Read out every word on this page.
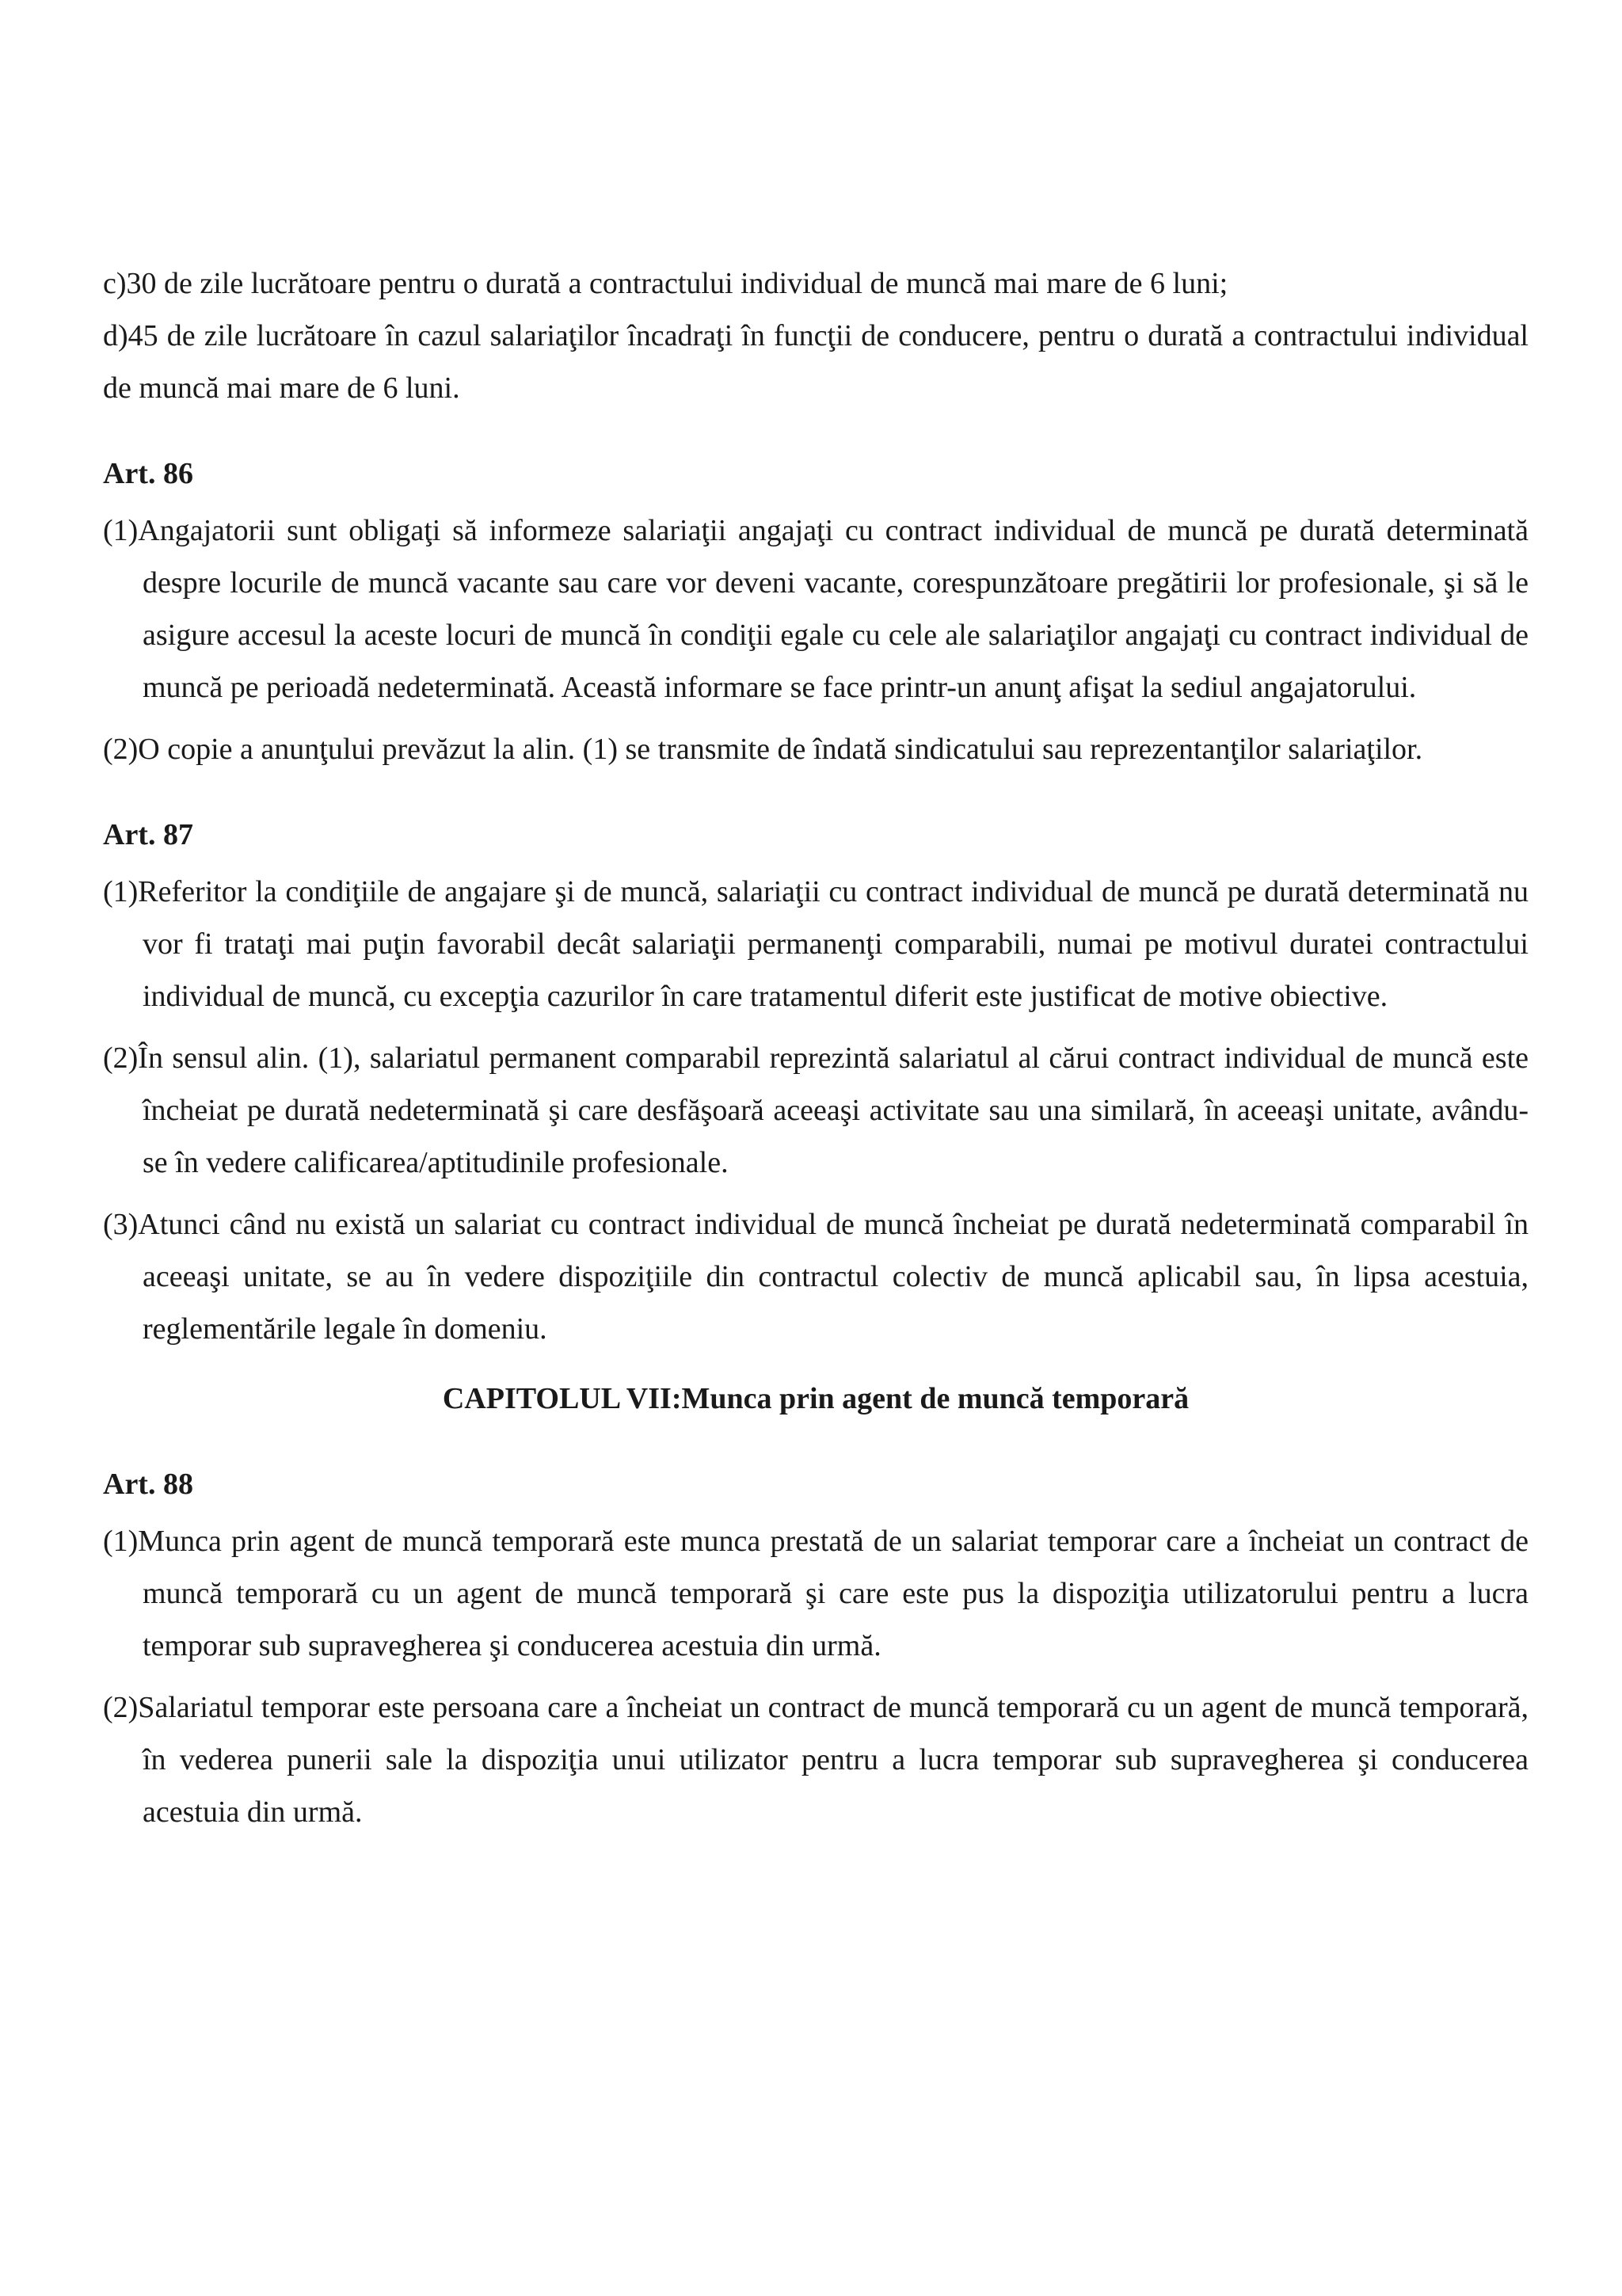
c)30 de zile lucrătoare pentru o durată a contractului individual de muncă mai mare de 6 luni;

d)45 de zile lucrătoare în cazul salariaţilor încadraţi în funcţii de conducere, pentru o durată a contractului individual de muncă mai mare de 6 luni.

Art. 86

(1)Angajatorii sunt obligaţi să informeze salariaţii angajaţi cu contract individual de muncă pe durată determinată despre locurile de muncă vacante sau care vor deveni vacante, corespunzătoare pregătirii lor profesionale, şi să le asigure accesul la aceste locuri de muncă în condiţii egale cu cele ale salariaţilor angajaţi cu contract individual de muncă pe perioadă nedeterminată. Această informare se face printr-un anunţ afişat la sediul angajatorului.

(2)O copie a anunţului prevăzut la alin. (1) se transmite de îndată sindicatului sau reprezentanţilor salariaţilor.

Art. 87

(1)Referitor la condiţiile de angajare şi de muncă, salariaţii cu contract individual de muncă pe durată determinată nu vor fi trataţi mai puţin favorabil decât salariaţii permanenţi comparabili, numai pe motivul duratei contractului individual de muncă, cu excepţia cazurilor în care tratamentul diferit este justificat de motive obiective.

(2)În sensul alin. (1), salariatul permanent comparabil reprezintă salariatul al cărui contract individual de muncă este încheiat pe durată nedeterminată şi care desfăşoară aceeaşi activitate sau una similară, în aceeaşi unitate, avându-se în vedere calificarea/aptitudinile profesionale.

(3)Atunci când nu există un salariat cu contract individual de muncă încheiat pe durată nedeterminată comparabil în aceeaşi unitate, se au în vedere dispoziţiile din contractul colectiv de muncă aplicabil sau, în lipsa acestuia, reglementările legale în domeniu.

CAPITOLUL VII:Munca prin agent de muncă temporară
Art. 88

(1)Munca prin agent de muncă temporară este munca prestată de un salariat temporar care a încheiat un contract de muncă temporară cu un agent de muncă temporară şi care este pus la dispoziţia utilizatorului pentru a lucra temporar sub supravegherea şi conducerea acestuia din urmă.

(2)Salariatul temporar este persoana care a încheiat un contract de muncă temporară cu un agent de muncă temporară, în vederea punerii sale la dispoziţia unui utilizator pentru a lucra temporar sub supravegherea şi conducerea acestuia din urmă.
